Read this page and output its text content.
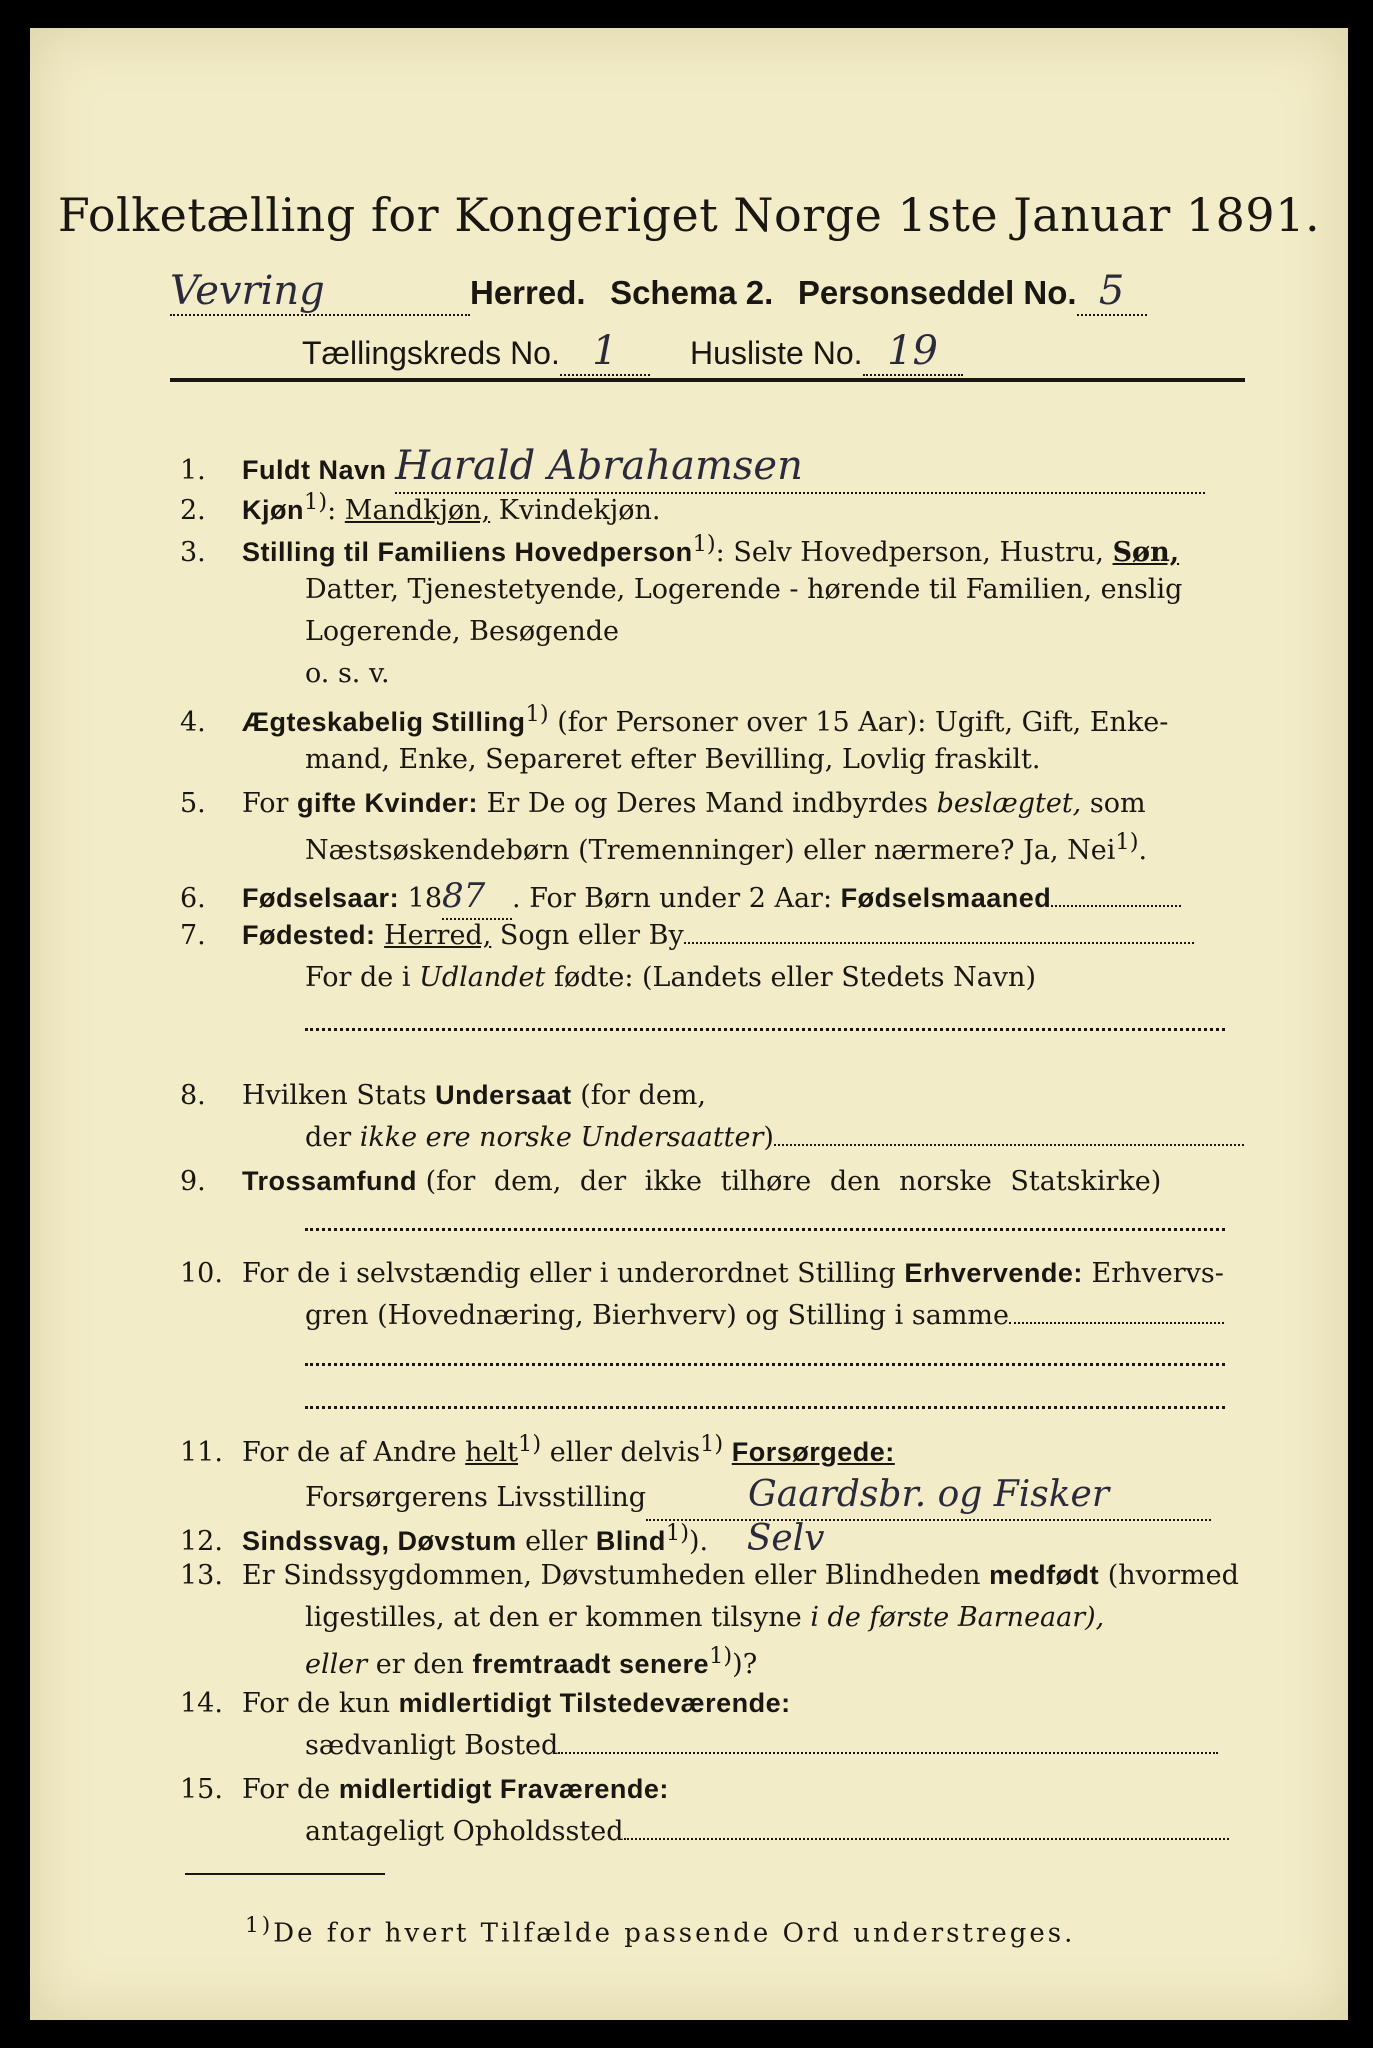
Folketælling for Kongeriget Norge 1ste Januar 1891.
Vevring	Herred. Schema 2. Personseddel No. 5
Tællingskreds No. 1 Husliste No. 19
1. Fuldt Navn Harald Abrahamsen
2. Kjøn$^{1)}$: Mandkjøn, Kvindekjøn.
3. Stilling til Familiens Hovedperson$^{1)}$: Selv Hovedperson, Hustru, Søn,
Datter, Tjenestetyende, Logerende - hørende til Familien, enslig
Logerende, Besøgende
o. s. v.
4. Ægteskabelig Stilling$^{1)}$ (for Personer over 15 Aar): Ugift, Gift, Enke-
mand, Enke, Separeret efter Bevilling, Lovlig fraskilt.
5. For gifte Kvinder: Er De og Deres Mand indbyrdes beslægtet, som
Næstsøskendebørn (Tremenninger) eller nærmere? Ja, Nei$^{1)}$.
6. Fødselsaar: 1887 . For Børn under 2 Aar: Fødselsmaaned
7. Fødested: Herred, Sogn eller By
For de i Udlandet fødte: (Landets eller Stedets Navn)
8. Hvilken Stats Undersaat (for dem,
der ikke ere norske Undersaatter)
9. Trossamfund (for dem, der ikke tilhøre den norske Statskirke)
10. For de i selvstændig eller i underordnet Stilling Erhvervende: Erhvervs-
gren (Hovednæring, Bierhverv) og Stilling i samme
11. For de af Andre helt$^{1)}$ eller delvis$^{1)}$ Forsørgede:
Forsørgerens Livsstilling	Gaardsbr. og Fisker
12. Sindssvag, Døvstum eller Blind$^{1)}$). Selv
13. Er Sindssygdommen, Døvstumheden eller Blindheden medfødt (hvormed
ligestilles, at den er kommen tilsyne i de første Barneaar),
eller er den fremtraadt senere$^{1)}$)?
14. For de kun midlertidigt Tilstedeværende:
sædvanligt Bosted
15. For de midlertidigt Fraværende:
antageligt Opholdssted
$^{1)}$De for hvert Tilfælde passende Ord understreges.
